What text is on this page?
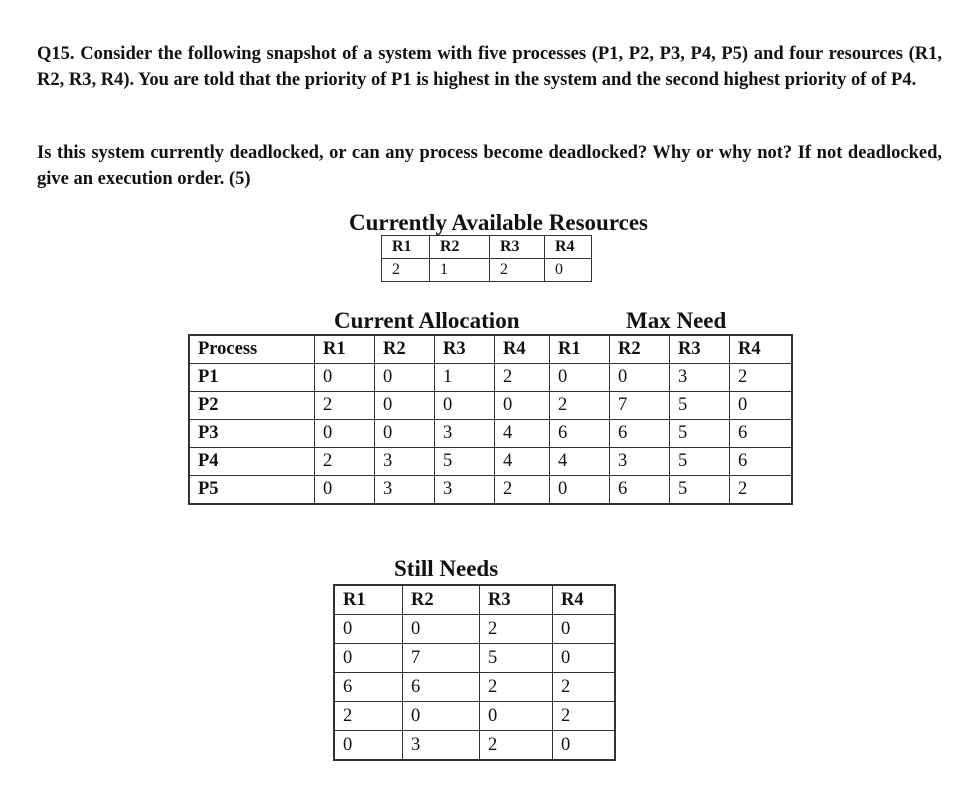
Q15. Consider the following snapshot of a system with five processes (P1, P2, P3, P4, P5) and four resources (R1, R2, R3, R4). You are told that the priority of P1 is highest in the system and the second highest priority of of P4.

Is this system currently deadlocked, or can any process become deadlocked? Why or why not? If not deadlocked, give an execution order. (5)

Currently Available Resources
R1	R2	R3	R4
2	1	2	0
Current Allocation	Max Need
Process	R1	R2	R3	R4	R1	R2	R3	R4
P1	0	0	1	2	0	0	3	2
P2	2	0	0	0	2	7	5	0
P3	0	0	3	4	6	6	5	6
P4	2	3	5	4	4	3	5	6
P5	0	3	3	2	0	6	5	2
Still Needs
R1	R2	R3	R4
0	0	2	0
0	7	5	0
6	6	2	2
2	0	0	2
0	3	2	0
